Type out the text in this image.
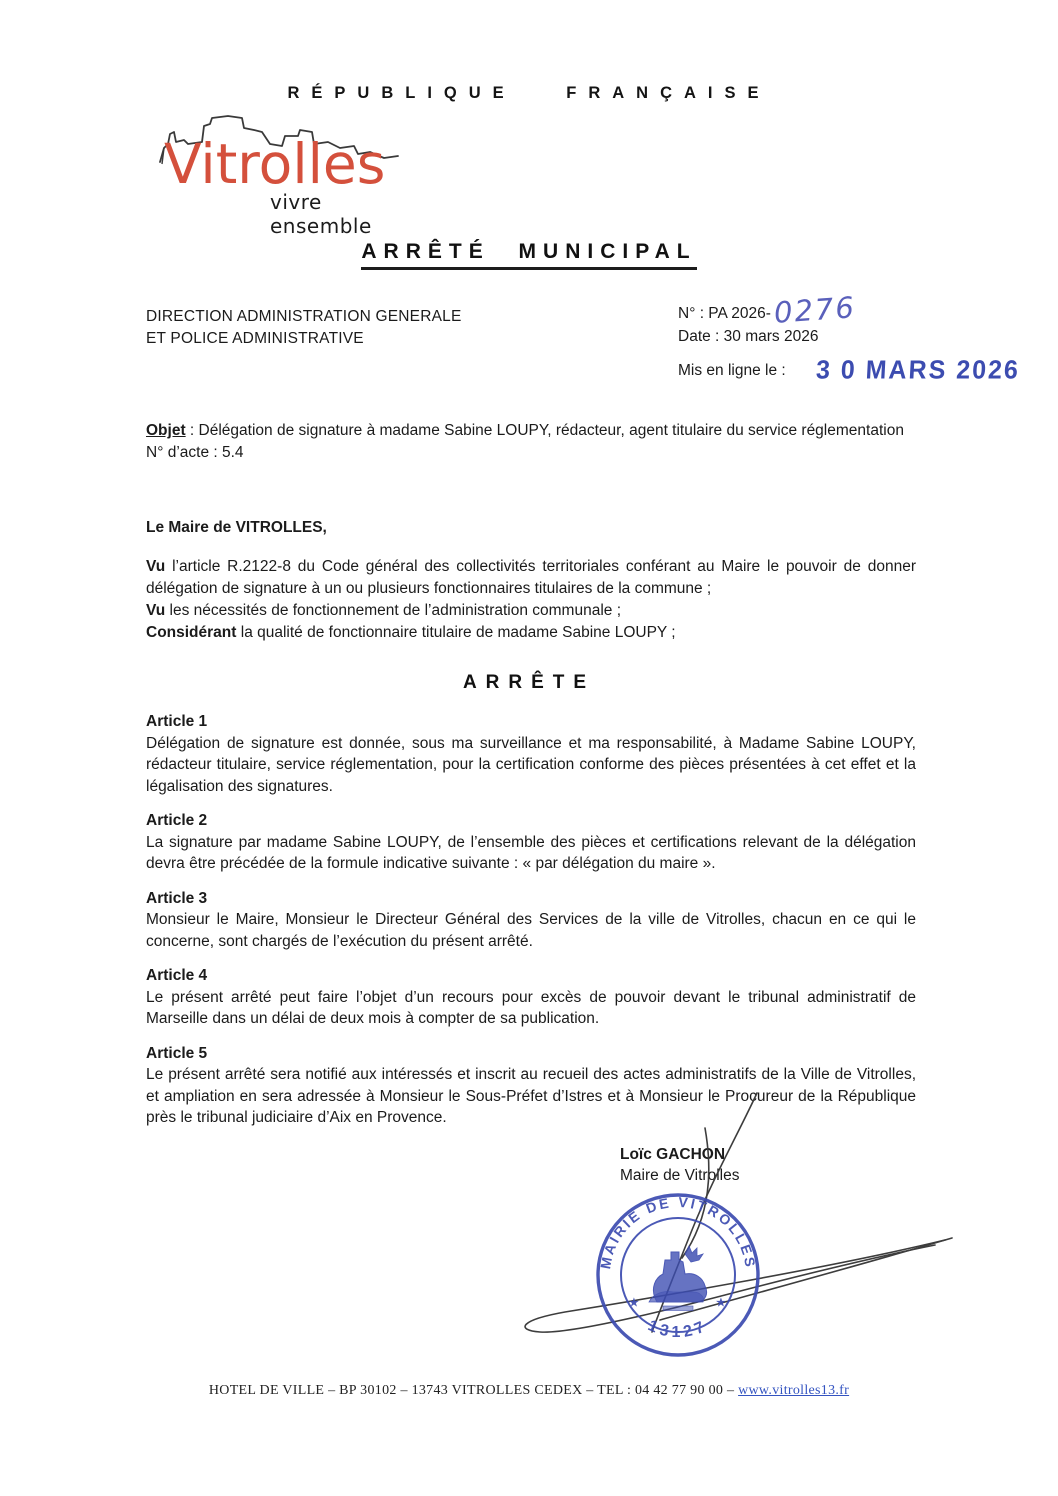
RÉPUBLIQUE FRANÇAISE
Vitrolles
vivre ensemble
ARRÊTÉ MUNICIPAL
DIRECTION ADMINISTRATION GENERALE
ET POLICE ADMINISTRATIVE
N° : PA 2026- 0276
Date : 30 mars 2026
Mis en ligne le : 3 0 MARS 2026
Objet : Délégation de signature à madame Sabine LOUPY, rédacteur, agent titulaire du service réglementation
N° d’acte : 5.4
Le Maire de VITROLLES,

Vu l’article R.2122-8 du Code général des collectivités territoriales conférant au Maire le pouvoir de donner délégation de signature à un ou plusieurs fonctionnaires titulaires de la commune ;

Vu les nécessités de fonctionnement de l’administration communale ;

Considérant la qualité de fonctionnaire titulaire de madame Sabine LOUPY ;

ARRÊTE
Article 1

Délégation de signature est donnée, sous ma surveillance et ma responsabilité, à Madame Sabine LOUPY, rédacteur titulaire, service réglementation, pour la certification conforme des pièces présentées à cet effet et la légalisation des signatures.

Article 2

La signature par madame Sabine LOUPY, de l’ensemble des pièces et certifications relevant de la délégation devra être précédée de la formule indicative suivante : « par délégation du maire ».

Article 3

Monsieur le Maire, Monsieur le Directeur Général des Services de la ville de Vitrolles, chacun en ce qui le concerne, sont chargés de l’exécution du présent arrêté.

Article 4

Le présent arrêté peut faire l’objet d’un recours pour excès de pouvoir devant le tribunal administratif de Marseille dans un délai de deux mois à compter de sa publication.

Article 5

Le présent arrêté sera notifié aux intéressés et inscrit au recueil des actes administratifs de la Ville de Vitrolles, et ampliation en sera adressée à Monsieur le Sous-Préfet d’Istres et à Monsieur le Procureur de la République près le tribunal judiciaire d’Aix en Provence.

Loïc GACHON
Maire de Vitrolles
MAIRIE DE VITROLLES
13127
★	★
HOTEL DE VILLE – BP 30102 – 13743 VITROLLES CEDEX – TEL : 04 42 77 90 00 – www.vitrolles13.fr
